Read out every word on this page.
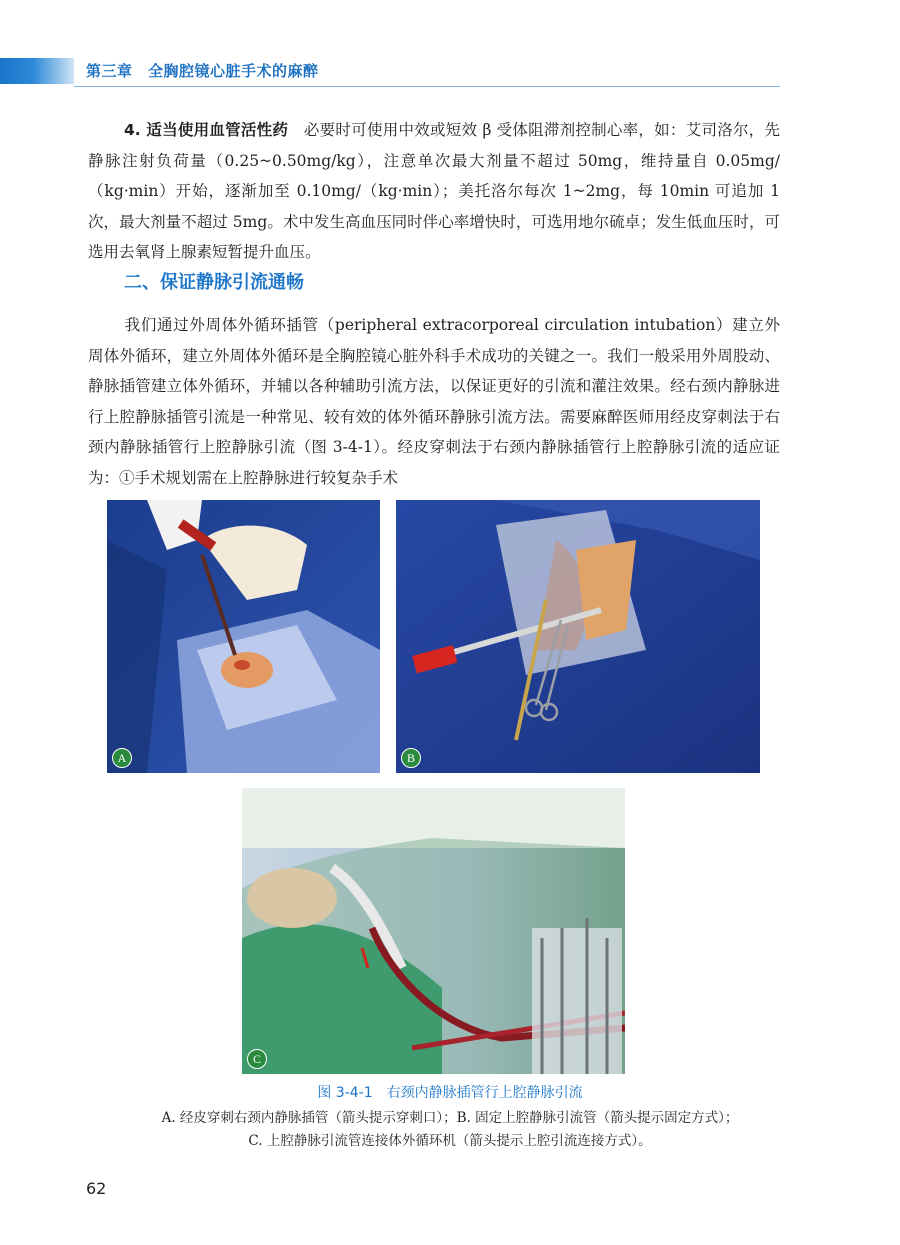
第三章　全胸腔镜心脏手术的麻醉
4. 适当使用血管活性药　必要时可使用中效或短效 β 受体阻滞剂控制心率，如：艾司洛尔，先静脉注射负荷量（0.25~0.50mg/kg），注意单次最大剂量不超过 50mg，维持量自 0.05mg/（kg·min）开始，逐渐加至 0.10mg/（kg·min）；美托洛尔每次 1~2mg，每 10min 可追加 1 次，最大剂量不超过 5mg。术中发生高血压同时伴心率增快时，可选用地尔硫卓；发生低血压时，可选用去氧肾上腺素短暂提升血压。
二、保证静脉引流通畅
我们通过外周体外循环插管（peripheral extracorporeal circulation intubation）建立外周体外循环，建立外周体外循环是全胸腔镜心脏外科手术成功的关键之一。我们一般采用外周股动、静脉插管建立体外循环，并辅以各种辅助引流方法，以保证更好的引流和灌注效果。经右颈内静脉进行上腔静脉插管引流是一种常见、较有效的体外循环静脉引流方法。需要麻醉医师用经皮穿刺法于右颈内静脉插管行上腔静脉引流（图 3-4-1）。经皮穿刺法于右颈内静脉插管行上腔静脉引流的适应证为：①手术规划需在上腔静脉进行较复杂手术
A	B
C
图 3-4-1　右颈内静脉插管行上腔静脉引流
A. 经皮穿刺右颈内静脉插管（箭头提示穿刺口）；B. 固定上腔静脉引流管（箭头提示固定方式）；
C. 上腔静脉引流管连接体外循环机（箭头提示上腔引流连接方式）。
62
